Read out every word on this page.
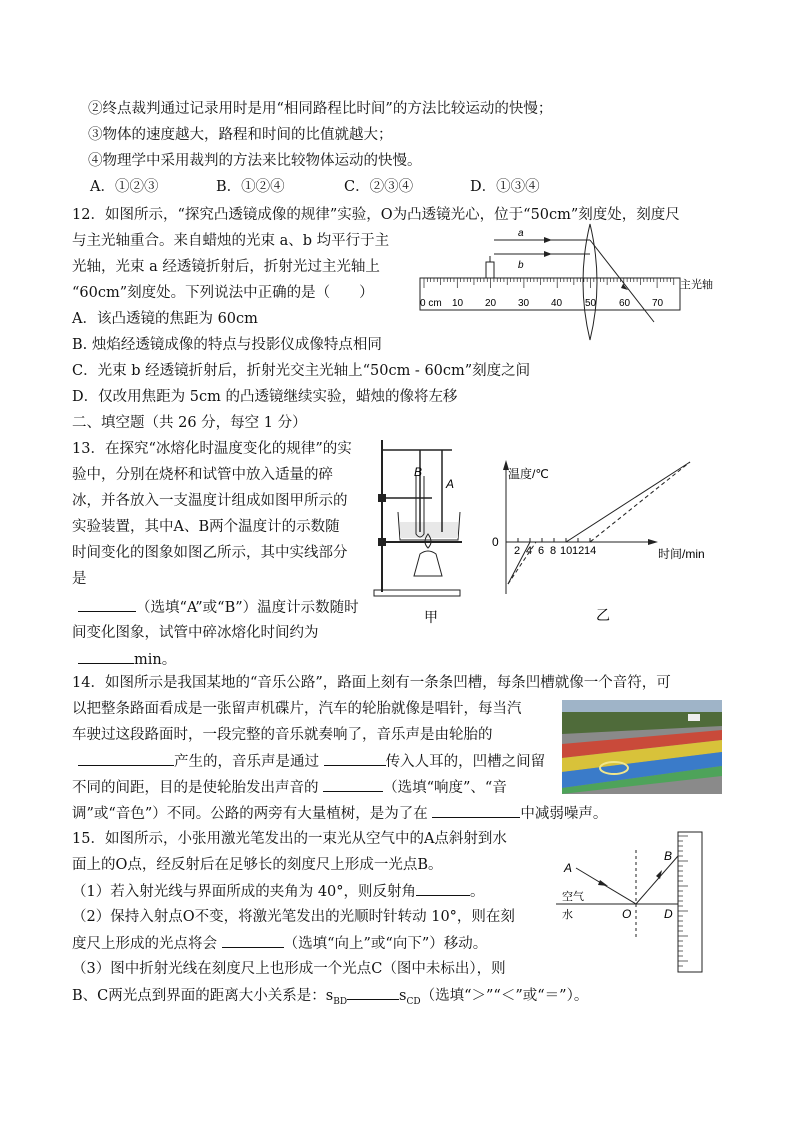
②终点裁判通过记录用时是用“相同路程比时间”的方法比较运动的快慢；
③物体的速度越大，路程和时间的比值就越大；
④物理学中采用裁判的方法来比较物体运动的快慢。
A．①②③	B．①②④	C．②③④	D．①③④
12．如图所示，“探究凸透镜成像的规律”实验，O为凸透镜光心，位于“50cm”刻度处，刻度尺
与主光轴重合。来自蜡烛的光束 a、b 均平行于主
光轴，光束 a 经透镜折射后，折射光过主光轴上
“60cm”刻度处。下列说法中正确的是（　　）
A．该凸透镜的焦距为 60cm
B. 烛焰经透镜成像的特点与投影仪成像特点相同
C．光束 b 经透镜折射后，折射光交主光轴上“50cm - 60cm”刻度之间
D．仅改用焦距为 5cm 的凸透镜继续实验，蜡烛的像将左移
a
b
主光轴
0 cm 10 20 30 40 50 60 70
二、填空题（共 26 分，每空 1 分）
13．在探究“冰熔化时温度变化的规律”的实
验中，分别在烧杯和试管中放入适量的碎
冰，并各放入一支温度计组成如图甲所示的
实验装置，其中A、B两个温度计的示数随
时间变化的图象如图乙所示，其中实线部分
是
（选填“A”或“B”）温度计示数随时
间变化图象，试管中碎冰熔化时间约为
min。
B
A
甲
温度/℃
时间/min
0
2 4 6 8 10 12 14
乙
14．如图所示是我国某地的“音乐公路”，路面上刻有一条条凹槽，每条凹槽就像一个音符，可
以把整条路面看成是一张留声机碟片，汽车的轮胎就像是唱针，每当汽
车驶过这段路面时，一段完整的音乐就奏响了，音乐声是由轮胎的
产生的，音乐声是通过	传入人耳的，凹槽之间留
不同的间距，目的是使轮胎发出声音的	（选填“响度”、“音
调”或“音色”）不同。公路的两旁有大量植树，是为了在	中减弱噪声。
15．如图所示，小张用激光笔发出的一束光从空气中的A点斜射到水
面上的O点，经反射后在足够长的刻度尺上形成一光点B。
（1）若入射光线与界面所成的夹角为 40°，则反射角	。
（2）保持入射点O不变，将激光笔发出的光顺时针转动 10°，则在刻
度尺上形成的光点将会	（选填“向上”或“向下”）移动。
（3）图中折射光线在刻度尺上也形成一个光点C（图中未标出），则
B、C两光点到界面的距离大小关系是：$s_{BD}$	$s_{CD}$（选填“＞”“＜”或“＝”）。
A
B
O	D
空气
水
